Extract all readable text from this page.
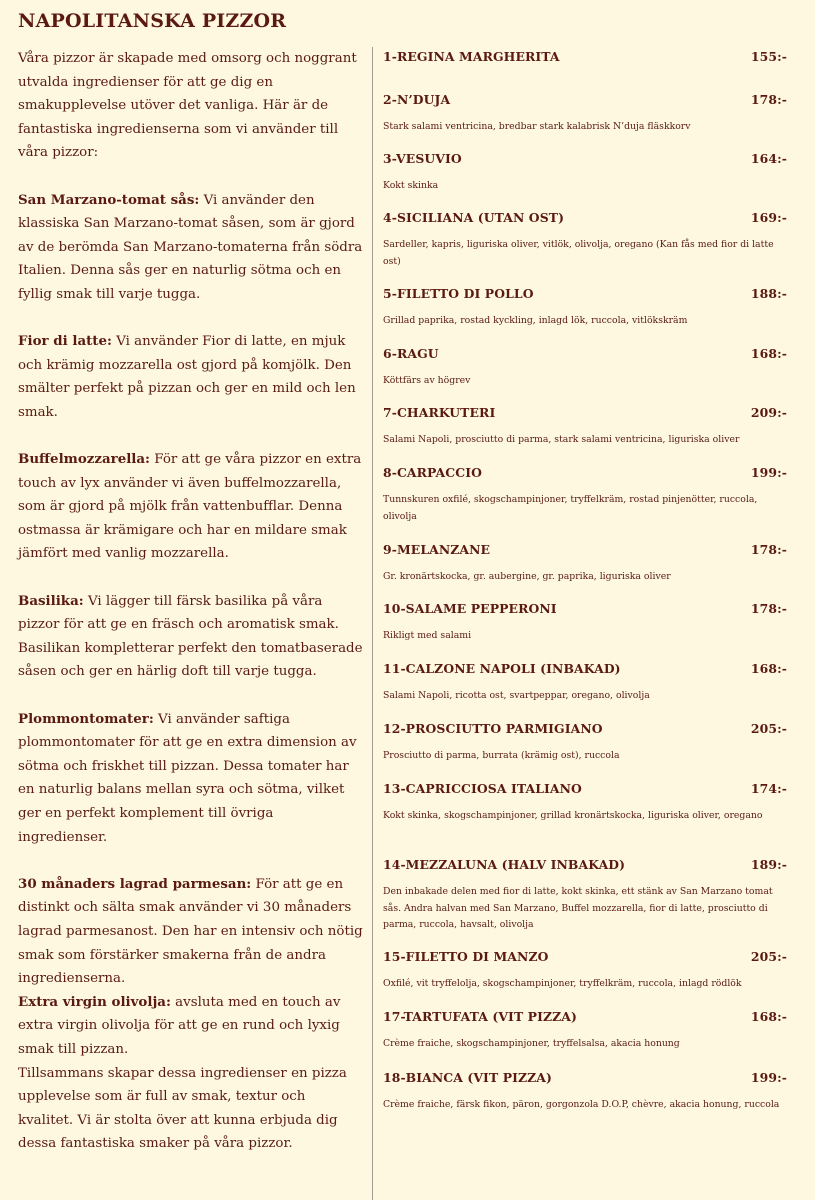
NAPOLITANSKA PIZZOR

Våra pizzor är skapade med omsorg och noggrant utvalda ingredienser för att ge dig en smakupplevelse utöver det vanliga. Här är de fantastiska ingredienserna som vi använder till våra pizzor:

San Marzano-tomat sås: Vi använder den klassiska San Marzano-tomat såsen, som är gjord av de berömda San Marzano-tomaterna från södra Italien. Denna sås ger en naturlig sötma och en fyllig smak till varje tugga.

Fior di latte: Vi använder Fior di latte, en mjuk och krämig mozzarella ost gjord på komjölk. Den smälter perfekt på pizzan och ger en mild och len smak.

Buffelmozzarella: För att ge våra pizzor en extra touch av lyx använder vi även buffelmozzarella, som är gjord på mjölk från vattenbufflar. Denna ostmassa är krämigare och har en mildare smak jämfört med vanlig mozzarella.

Basilika: Vi lägger till färsk basilika på våra pizzor för att ge en fräsch och aromatisk smak. Basilikan kompletterar perfekt den tomatbaserade såsen och ger en härlig doft till varje tugga.

Plommontomater: Vi använder saftiga plommontomater för att ge en extra dimension av sötma och friskhet till pizzan. Dessa tomater har en naturlig balans mellan syra och sötma, vilket ger en perfekt komplement till övriga ingredienser.

30 månaders lagrad parmesan: För att ge en distinkt och sälta smak använder vi 30 månaders lagrad parmesanost. Den har en intensiv och nötig smak som förstärker smakerna från de andra ingredienserna.

Extra virgin olivolja: avsluta med en touch av extra virgin olivolja för att ge en rund och lyxig smak till pizzan.

Tillsammans skapar dessa ingredienser en pizza upplevelse som är full av smak, textur och kvalitet. Vi är stolta över att kunna erbjuda dig dessa fantastiska smaker på våra pizzor.

1-REGINA MARGHERITA	155:-
2-N’DUJA	178:-
Stark salami ventricina, bredbar stark kalabrisk N’duja fläskkorv
3-VESUVIO	164:-
Kokt skinka
4-SICILIANA (UTAN OST)	169:-
Sardeller, kapris, liguriska oliver, vitlök, olivolja, oregano (Kan fås med fior di latte ost)
5-FILETTO DI POLLO	188:-
Grillad paprika, rostad kyckling, inlagd lök, ruccola, vitlökskräm
6-RAGU	168:-
Köttfärs av högrev
7-CHARKUTERI	209:-
Salami Napoli, prosciutto di parma, stark salami ventricina, liguriska oliver
8-CARPACCIO	199:-
Tunnskuren oxfilé, skogschampinjoner, tryffelkräm, rostad pinjenötter, ruccola, olivolja
9-MELANZANE	178:-
Gr. kronärtskocka, gr. aubergine, gr. paprika, liguriska oliver
10-SALAME PEPPERONI	178:-
Rikligt med salami
11-CALZONE NAPOLI (INBAKAD)	168:-
Salami Napoli, ricotta ost, svartpeppar, oregano, olivolja
12-PROSCIUTTO PARMIGIANO	205:-
Prosciutto di parma, burrata (krämig ost), ruccola
13-CAPRICCIOSA ITALIANO	174:-
Kokt skinka, skogschampinjoner, grillad kronärtskocka, liguriska oliver, oregano
14-MEZZALUNA (HALV INBAKAD)	189:-
Den inbakade delen med fior di latte, kokt skinka, ett stänk av San Marzano tomat sås. Andra halvan med San Marzano, Buffel mozzarella, fior di latte, prosciutto di parma, ruccola, havsalt, olivolja
15-FILETTO DI MANZO	205:-
Oxfilé, vit tryffelolja, skogschampinjoner, tryffelkräm, ruccola, inlagd rödlök
17-TARTUFATA (VIT PIZZA)	168:-
Crème fraiche, skogschampinjoner, tryffelsalsa, akacia honung
18-BIANCA (VIT PIZZA)	199:-
Crème fraiche, färsk fikon, päron, gorgonzola D.O.P, chèvre, akacia honung, ruccola
